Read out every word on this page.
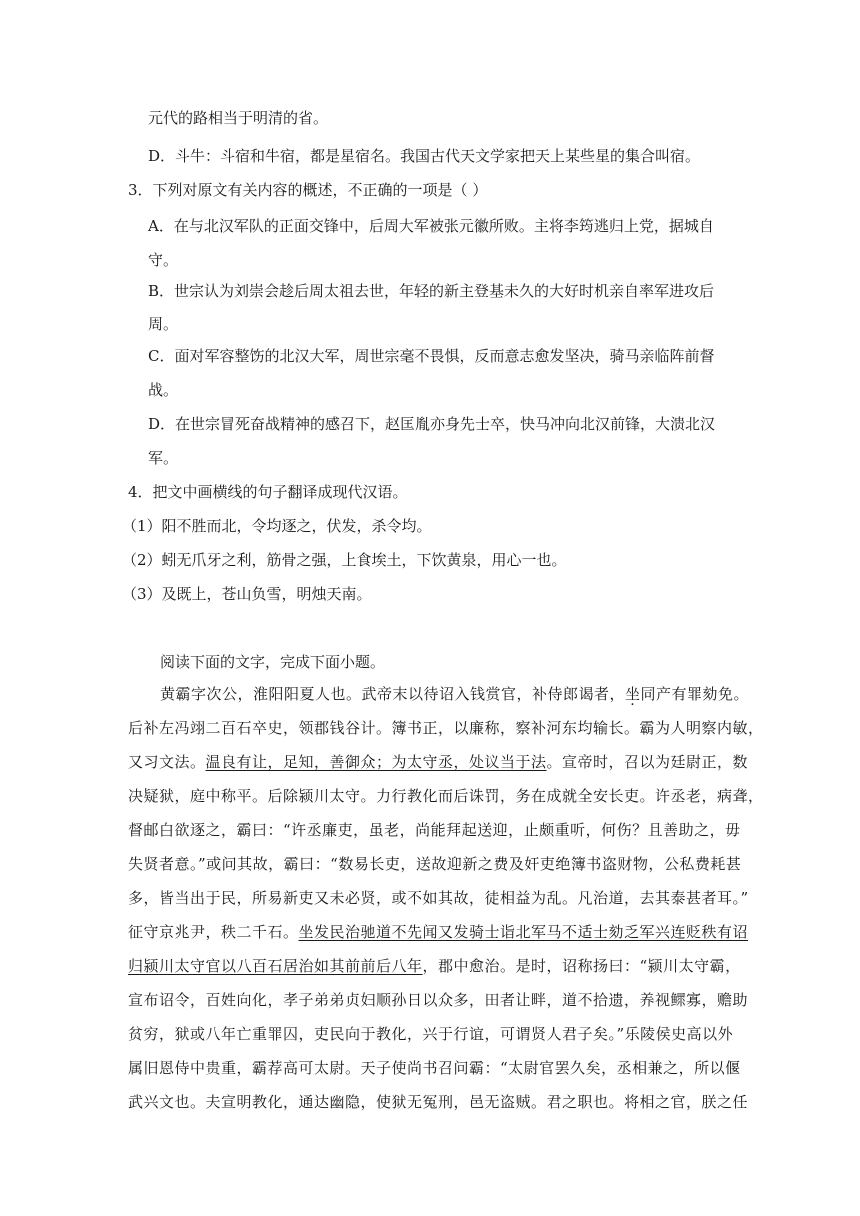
元代的路相当于明清的省。
D．斗牛：斗宿和牛宿，都是星宿名。我国古代天文学家把天上某些星的集合叫宿。
3．下列对原文有关内容的概述，不正确的一项是（ ）
A．在与北汉军队的正面交锋中，后周大军被张元徽所败。主将李筠逃归上党，据城自
守。
B．世宗认为刘崇会趁后周太祖去世，年轻的新主登基未久的大好时机亲自率军进攻后
周。
C．面对军容整饬的北汉大军，周世宗毫不畏惧，反而意志愈发坚决，骑马亲临阵前督
战。
D．在世宗冒死奋战精神的感召下，赵匡胤亦身先士卒，快马冲向北汉前锋，大溃北汉
军。
4．把文中画横线的句子翻译成现代汉语。
（1）阳不胜而北，令均逐之，伏发，杀令均。
（2）蚓无爪牙之利，筋骨之强，上食埃土，下饮黄泉，用心一也。
（3）及既上，苍山负雪，明烛天南。
阅读下面的文字，完成下面小题。
黄霸字次公，淮阳阳夏人也。武帝末以待诏入钱赏官，补侍郎谒者，坐同产有罪劾免。
后补左冯翊二百石卒史，领郡钱谷计。簿书正，以廉称，察补河东均输长。霸为人明察内敏，
又习文法。温良有让，足知，善御众；为太守丞，处议当于法。宣帝时，召以为廷尉正，数
决疑狱，庭中称平。后除颍川太守。力行教化而后诛罚，务在成就全安长吏。许丞老，病聋，
督邮白欲逐之，霸曰：“许丞廉吏，虽老，尚能拜起送迎，止颇重听，何伤？且善助之，毋
失贤者意。”或问其故，霸曰：“数易长吏，送故迎新之费及奸吏绝簿书盗财物，公私费耗甚
多，皆当出于民，所易新吏又未必贤，或不如其故，徒相益为乱。凡治道，去其泰甚者耳。”
征守京兆尹，秩二千石。坐发民治驰道不先闻又发骑士诣北军马不适士劾乏军兴连贬秩有诏
归颍川太守官以八百石居治如其前前后八年，郡中愈治。是时，诏称扬曰：“颍川太守霸，
宣布诏令，百姓向化，孝子弟弟贞妇顺孙日以众多，田者让畔，道不拾遗，养视鳏寡，赡助
贫穷，狱或八年亡重罪囚，吏民向于教化，兴于行谊，可谓贤人君子矣。”乐陵侯史高以外
属旧恩侍中贵重，霸荐高可太尉。天子使尚书召问霸：“太尉官罢久矣，丞相兼之，所以偃
武兴文也。夫宣明教化，通达幽隐，使狱无冤刑，邑无盗贼。君之职也。将相之官，朕之任
